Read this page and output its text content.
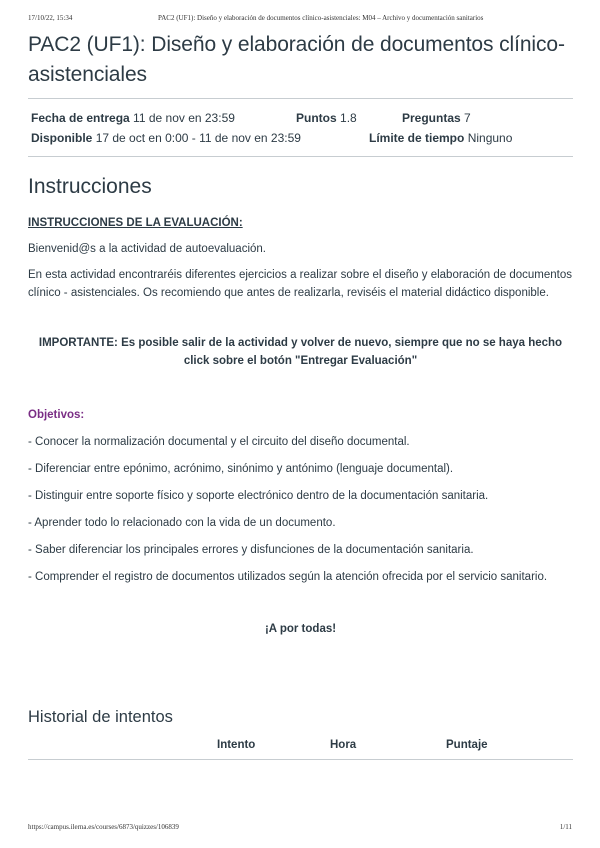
17/10/22, 15:34	PAC2 (UF1): Diseño y elaboración de documentos clínico-asistenciales: M04 – Archivo y documentación sanitarios
PAC2 (UF1): Diseño y elaboración de documentos clínico-asistenciales
Fecha de entrega 11 de nov en 23:59	Puntos 1.8	Preguntas 7
Disponible 17 de oct en 0:00 - 11 de nov en 23:59	Límite de tiempo Ninguno
Instrucciones

INSTRUCCIONES DE LA EVALUACIÓN:

Bienvenid@s a la actividad de autoevaluación.

En esta actividad encontraréis diferentes ejercicios a realizar sobre el diseño y elaboración de documentos clínico - asistenciales. Os recomiendo que antes de realizarla, reviséis el material didáctico disponible.

IMPORTANTE: Es posible salir de la actividad y volver de nuevo, siempre que no se haya hecho click sobre el botón "Entregar Evaluación"

Objetivos:

- Conocer la normalización documental y el circuito del diseño documental.

- Diferenciar entre epónimo, acrónimo, sinónimo y antónimo (lenguaje documental).

- Distinguir entre soporte físico y soporte electrónico dentro de la documentación sanitaria.

- Aprender todo lo relacionado con la vida de un documento.

- Saber diferenciar los principales errores y disfunciones de la documentación sanitaria.

- Comprender el registro de documentos utilizados según la atención ofrecida por el servicio sanitario.

¡A por todas!

Historial de intentos
Intento	Hora	Puntaje
https://campus.ilerna.es/courses/6873/quizzes/106839	1/11
